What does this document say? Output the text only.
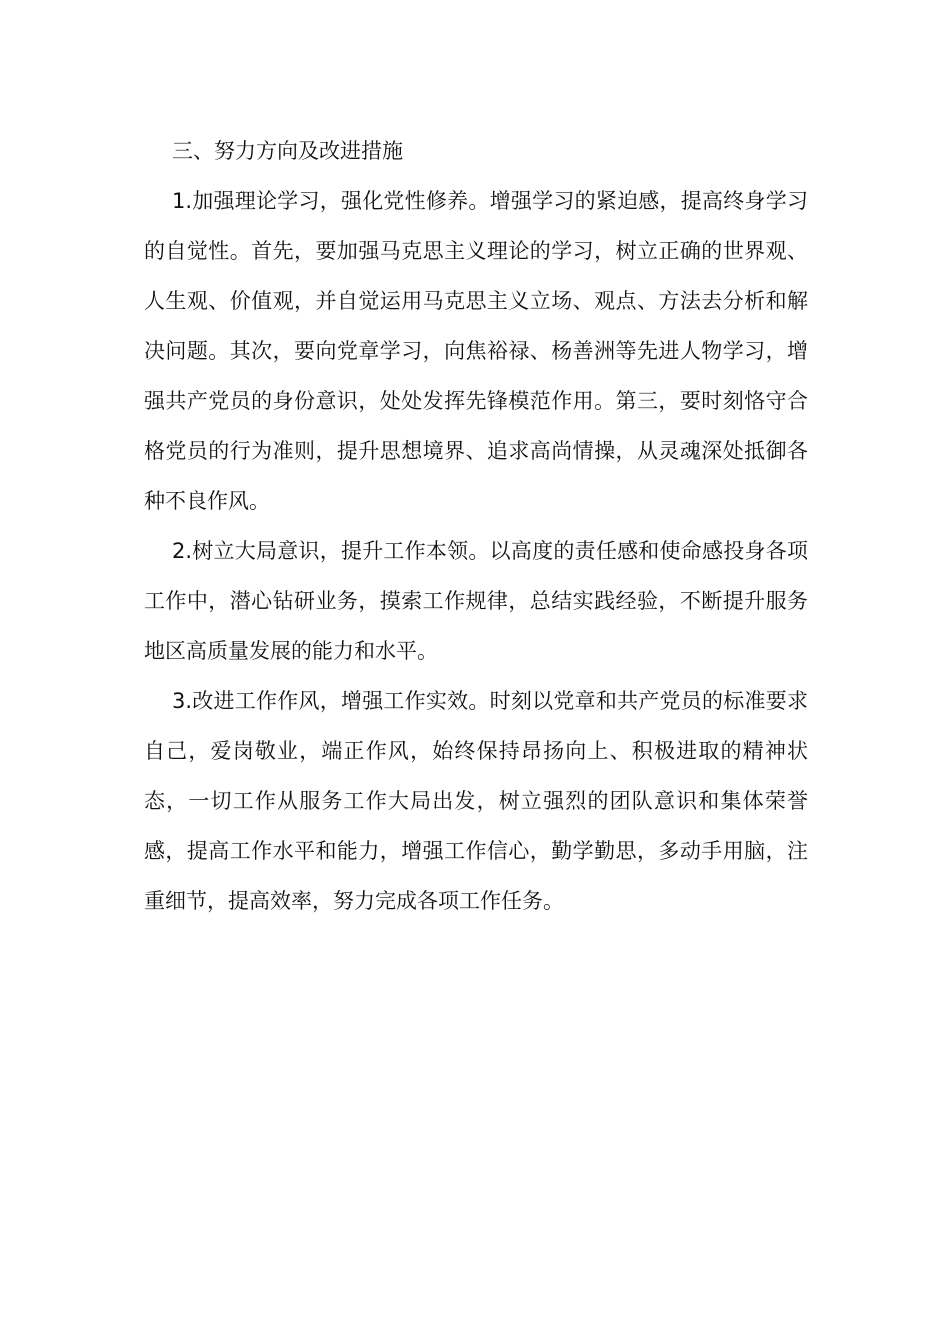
三、努力方向及改进措施

1.加强理论学习，强化党性修养。增强学习的紧迫感，提高终身学习的自觉性。首先，要加强马克思主义理论的学习，树立正确的世界观、人生观、价值观，并自觉运用马克思主义立场、观点、方法去分析和解决问题。其次，要向党章学习，向焦裕禄、杨善洲等先进人物学习，增强共产党员的身份意识，处处发挥先锋模范作用。第三，要时刻恪守合格党员的行为准则，提升思想境界、追求高尚情操，从灵魂深处抵御各种不良作风。

2.树立大局意识，提升工作本领。以高度的责任感和使命感投身各项工作中，潜心钻研业务，摸索工作规律，总结实践经验，不断提升服务地区高质量发展的能力和水平。

3.改进工作作风，增强工作实效。时刻以党章和共产党员的标准要求自己，爱岗敬业，端正作风，始终保持昂扬向上、积极进取的精神状态，一切工作从服务工作大局出发，树立强烈的团队意识和集体荣誉感，提高工作水平和能力，增强工作信心，勤学勤思，多动手用脑，注重细节，提高效率，努力完成各项工作任务。
